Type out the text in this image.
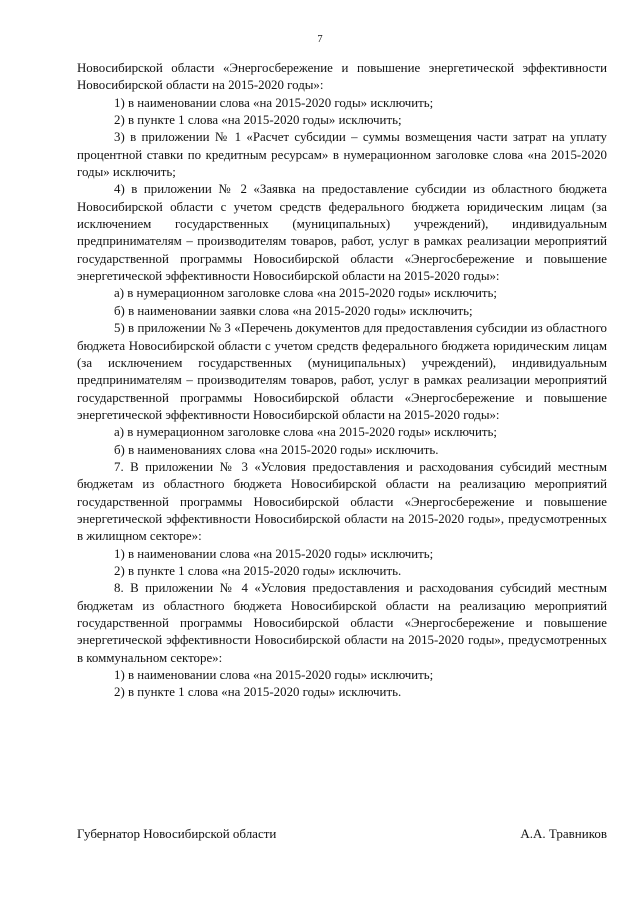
7

Новосибирской области «Энергосбережение и повышение энергетической эффективности Новосибирской области на 2015-2020 годы»:

1) в наименовании слова «на 2015-2020 годы» исключить;

2) в пункте 1 слова «на 2015-2020 годы» исключить;

3) в приложении № 1 «Расчет субсидии – суммы возмещения части затрат на уплату процентной ставки по кредитным ресурсам» в нумерационном заголовке слова «на 2015-2020 годы» исключить;

4) в приложении № 2 «Заявка на предоставление субсидии из областного бюджета Новосибирской области с учетом средств федерального бюджета юридическим лицам (за исключением государственных (муниципальных) учреждений), индивидуальным предпринимателям – производителям товаров, работ, услуг в рамках реализации мероприятий государственной программы Новосибирской области «Энергосбережение и повышение энергетической эффективности Новосибирской области на 2015-2020 годы»:

а) в нумерационном заголовке слова «на 2015-2020 годы» исключить;

б) в наименовании заявки слова «на 2015-2020 годы» исключить;

5) в приложении № 3 «Перечень документов для предоставления субсидии из областного бюджета Новосибирской области с учетом средств федерального бюджета юридическим лицам (за исключением государственных (муниципальных) учреждений), индивидуальным предпринимателям – производителям товаров, работ, услуг в рамках реализации мероприятий государственной программы Новосибирской области «Энергосбережение и повышение энергетической эффективности Новосибирской области на 2015-2020 годы»:

а) в нумерационном заголовке слова «на 2015-2020 годы» исключить;

б) в наименованиях слова «на 2015-2020 годы» исключить.

7. В приложении № 3 «Условия предоставления и расходования субсидий местным бюджетам из областного бюджета Новосибирской области на реализацию мероприятий государственной программы Новосибирской области «Энергосбережение и повышение энергетической эффективности Новосибирской области на 2015-2020 годы», предусмотренных в жилищном секторе»:

1) в наименовании слова «на 2015-2020 годы» исключить;

2) в пункте 1 слова «на 2015-2020 годы» исключить.

8. В приложении № 4 «Условия предоставления и расходования субсидий местным бюджетам из областного бюджета Новосибирской области на реализацию мероприятий государственной программы Новосибирской области «Энергосбережение и повышение энергетической эффективности Новосибирской области на 2015-2020 годы», предусмотренных в коммунальном секторе»:

1) в наименовании слова «на 2015-2020 годы» исключить;

2) в пункте 1 слова «на 2015-2020 годы» исключить.

Губернатор Новосибирской области	А.А. Травников
